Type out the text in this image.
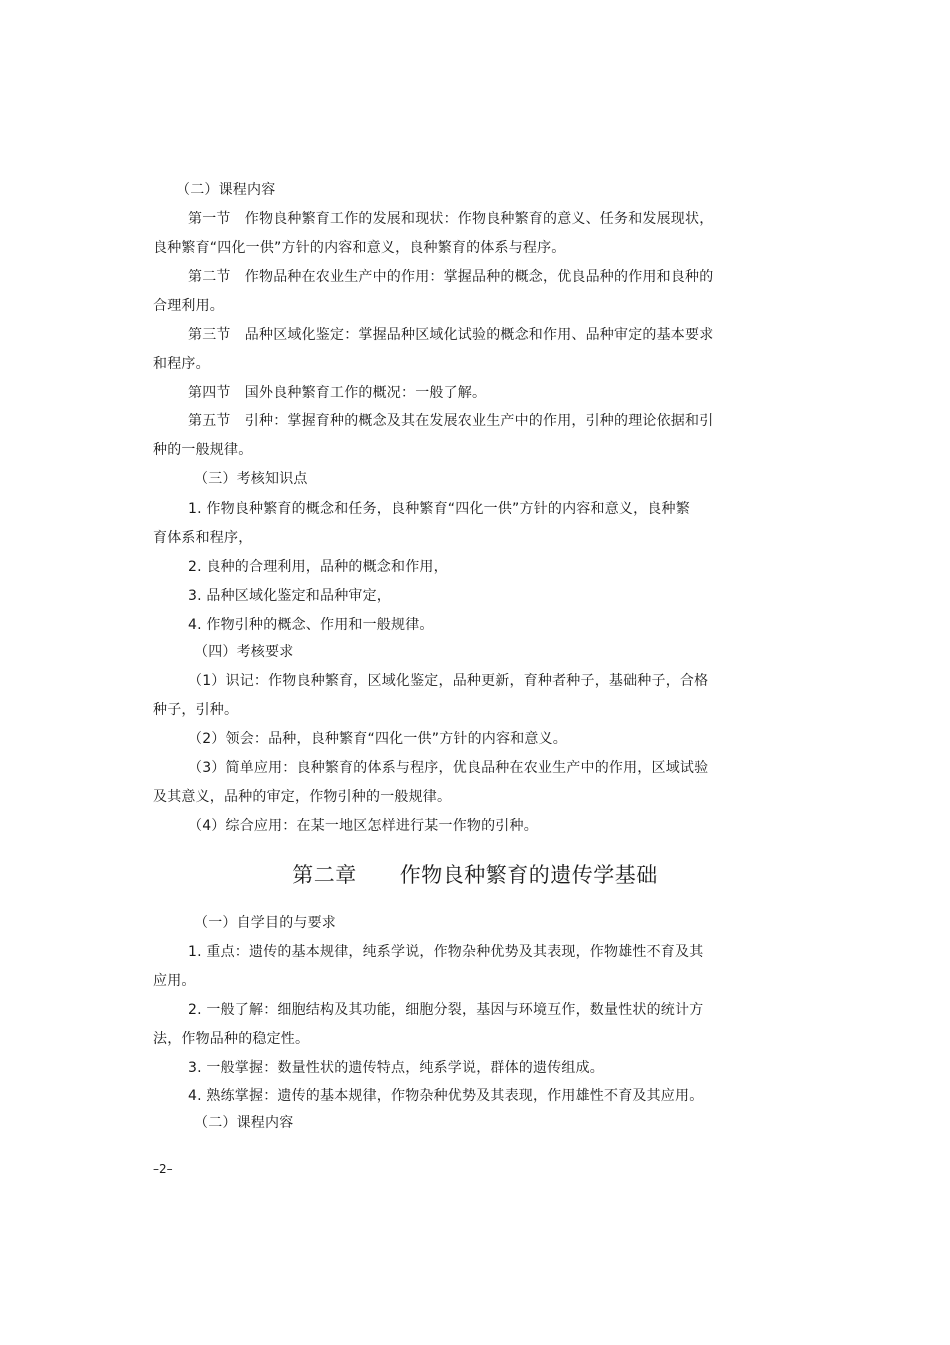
（二）课程内容
第一节　作物良种繁育工作的发展和现状：作物良种繁育的意义、任务和发展现状，
良种繁育“四化一供”方针的内容和意义，良种繁育的体系与程序。
第二节　作物品种在农业生产中的作用：掌握品种的概念，优良品种的作用和良种的
合理利用。
第三节　品种区域化鉴定：掌握品种区域化试验的概念和作用、品种审定的基本要求
和程序。
第四节　国外良种繁育工作的概况：一般了解。
第五节　引种：掌握育种的概念及其在发展农业生产中的作用，引种的理论依据和引
种的一般规律。
（三）考核知识点
1. 作物良种繁育的概念和任务，良种繁育“四化一供”方针的内容和意义，良种繁
育体系和程序，
2. 良种的合理利用，品种的概念和作用，
3. 品种区域化鉴定和品种审定，
4. 作物引种的概念、作用和一般规律。
（四）考核要求
（1）识记：作物良种繁育，区域化鉴定，品种更新，育种者种子，基础种子，合格
种子，引种。
（2）领会：品种，良种繁育“四化一供”方针的内容和意义。
（3）简单应用：良种繁育的体系与程序，优良品种在农业生产中的作用，区域试验
及其意义，品种的审定，作物引种的一般规律。
（4）综合应用：在某一地区怎样进行某一作物的引种。
第二章　　作物良种繁育的遗传学基础
（一）自学目的与要求
1. 重点：遗传的基本规律，纯系学说，作物杂种优势及其表现，作物雄性不育及其
应用。
2. 一般了解：细胞结构及其功能，细胞分裂，基因与环境互作，数量性状的统计方
法，作物品种的稳定性。
3. 一般掌握：数量性状的遗传特点，纯系学说，群体的遗传组成。
4. 熟练掌握：遗传的基本规律，作物杂种优势及其表现，作用雄性不育及其应用。
（二）课程内容
–2–
